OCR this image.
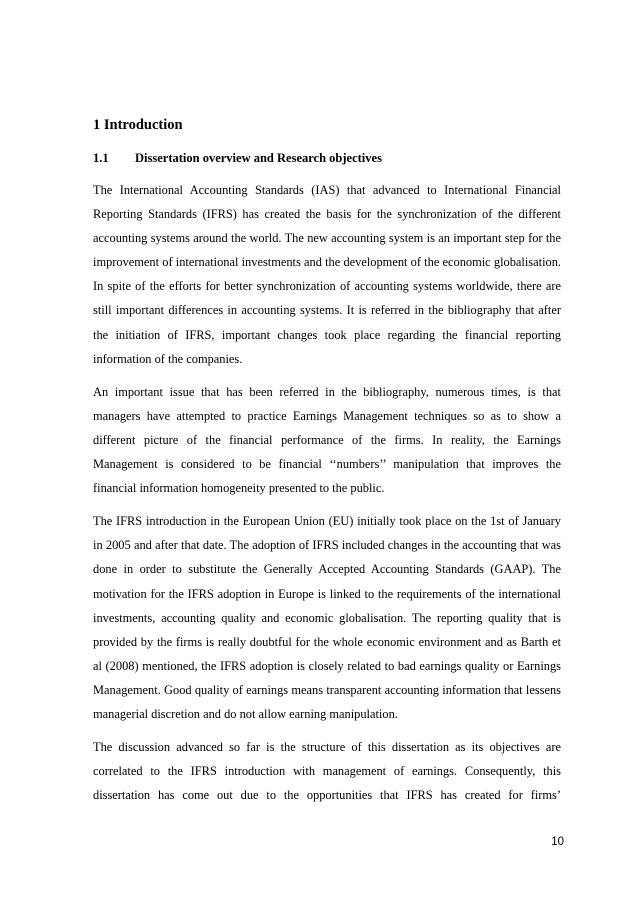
1 Introduction
1.1 Dissertation overview and Research objectives

The International Accounting Standards (IAS) that advanced to International Financial Reporting Standards (IFRS) has created the basis for the synchronization of the different accounting systems around the world. The new accounting system is an important step for the improvement of international investments and the development of the economic globalisation. In spite of the efforts for better synchronization of accounting systems worldwide, there are still important differences in accounting systems. It is referred in the bibliography that after the initiation of IFRS, important changes took place regarding the financial reporting information of the companies.

An important issue that has been referred in the bibliography, numerous times, is that managers have attempted to practice Earnings Management techniques so as to show a different picture of the financial performance of the firms. In reality, the Earnings Management is considered to be financial ‘‘numbers’’ manipulation that improves the financial information homogeneity presented to the public.

The IFRS introduction in the European Union (EU) initially took place on the 1st of January in 2005 and after that date. The adoption of IFRS included changes in the accounting that was done in order to substitute the Generally Accepted Accounting Standards (GAAP). The motivation for the IFRS adoption in Europe is linked to the requirements of the international investments, accounting quality and economic globalisation. The reporting quality that is provided by the firms is really doubtful for the whole economic environment and as Barth et al (2008) mentioned, the IFRS adoption is closely related to bad earnings quality or Earnings Management. Good quality of earnings means transparent accounting information that lessens managerial discretion and do not allow earning manipulation.

The discussion advanced so far is the structure of this dissertation as its objectives are correlated to the IFRS introduction with management of earnings. Consequently, this dissertation has come out due to the opportunities that IFRS has created for firms’

10
